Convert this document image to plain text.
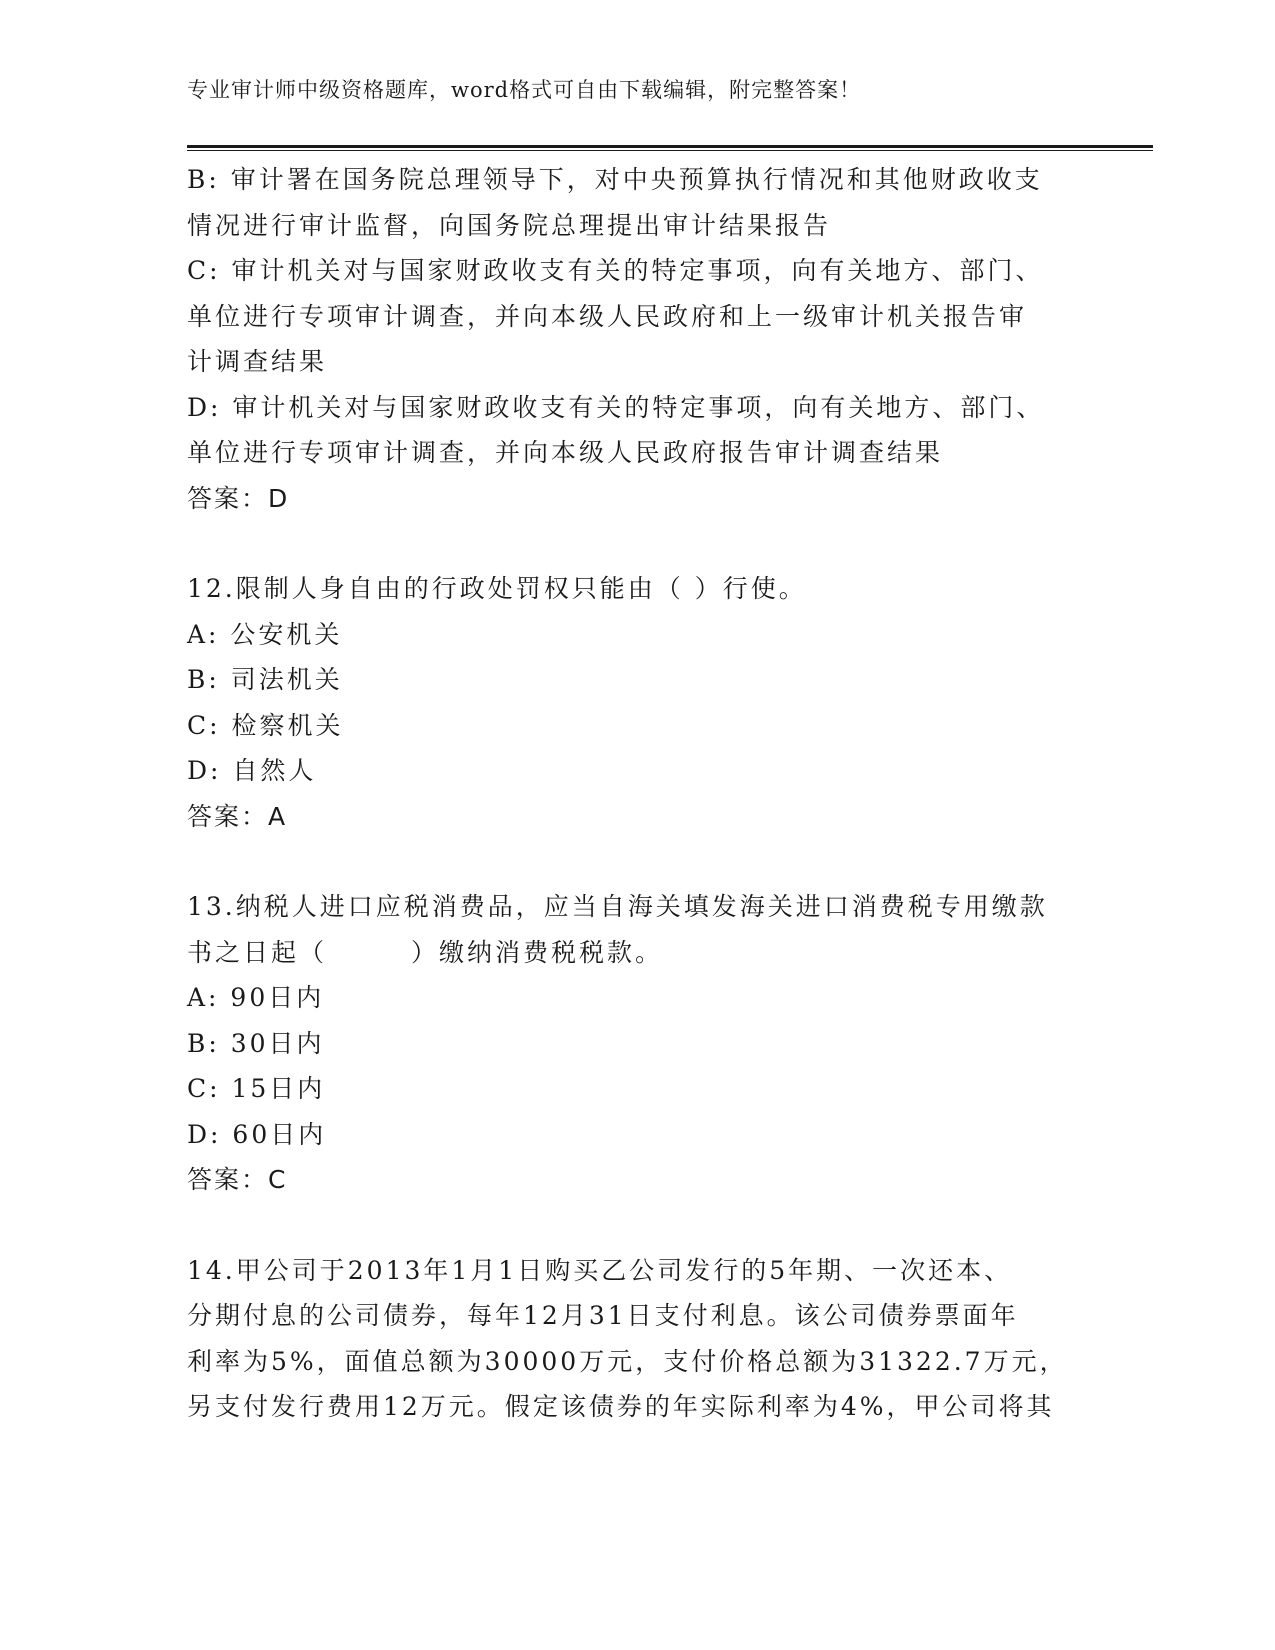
专业审计师中级资格题库，word格式可自由下载编辑，附完整答案！

B: 审计署在国务院总理领导下，对中央预算执行情况和其他财政收支

情况进行审计监督，向国务院总理提出审计结果报告

C: 审计机关对与国家财政收支有关的特定事项，向有关地方、部门、

单位进行专项审计调查，并向本级人民政府和上一级审计机关报告审

计调查结果

D: 审计机关对与国家财政收支有关的特定事项，向有关地方、部门、

单位进行专项审计调查，并向本级人民政府报告审计调查结果

答案：D

12.限制人身自由的行政处罚权只能由（ ）行使。

A: 公安机关

B: 司法机关

C: 检察机关

D: 自然人

答案：A

13.纳税人进口应税消费品，应当自海关填发海关进口消费税专用缴款

书之日起（　　　）缴纳消费税税款。

A: 90日内

B: 30日内

C: 15日内

D: 60日内

答案：C

14.甲公司于2013年1月1日购买乙公司发行的5年期、一次还本、

分期付息的公司债券，每年12月31日支付利息。该公司债券票面年

利率为5%，面值总额为30000万元，支付价格总额为31322.7万元，

另支付发行费用12万元。假定该债券的年实际利率为4%，甲公司将其
